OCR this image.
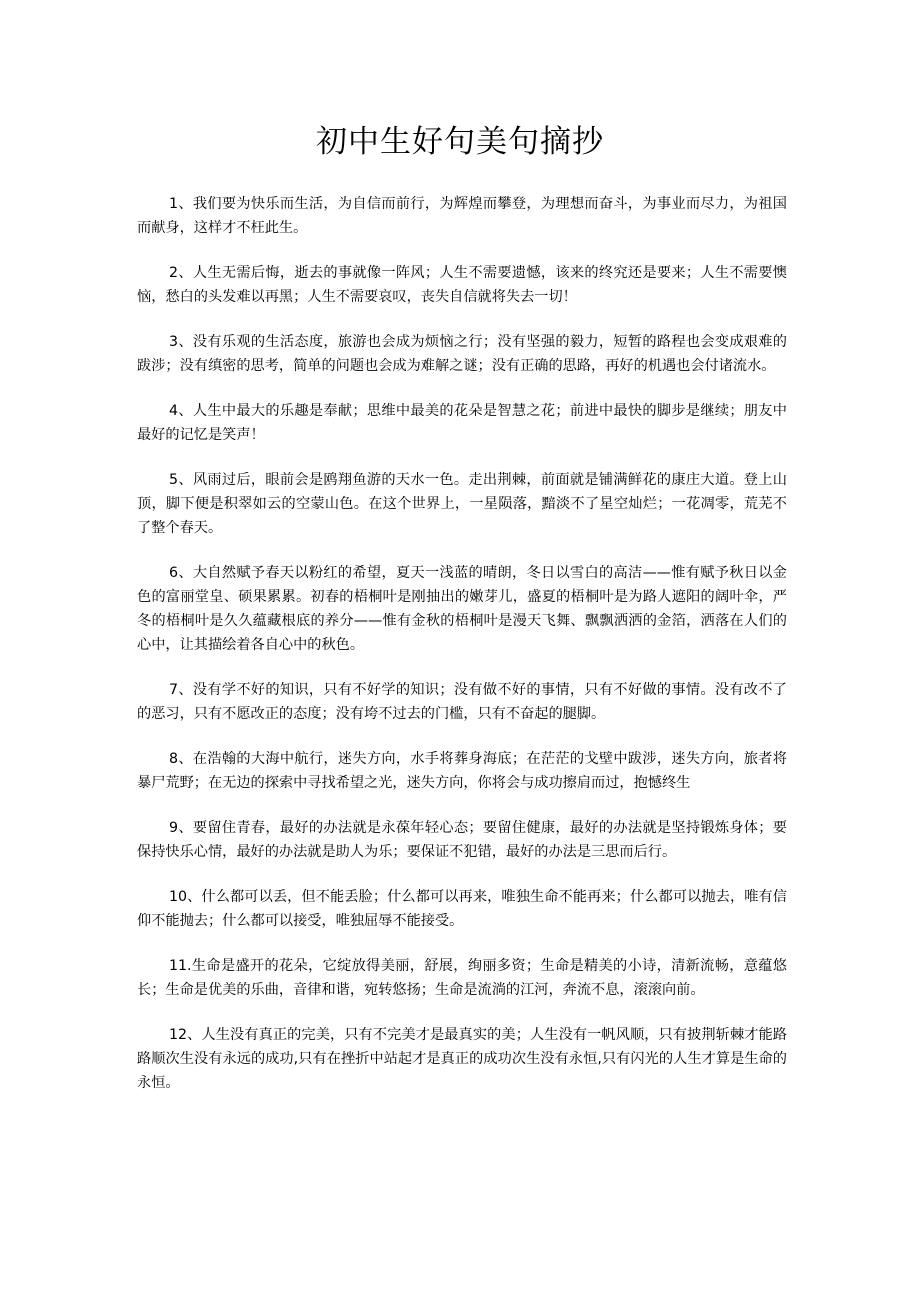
初中生好句美句摘抄

1、我们要为快乐而生活，为自信而前行，为辉煌而攀登，为理想而奋斗，为事业而尽力，为祖国而献身，这样才不枉此生。

2、人生无需后悔，逝去的事就像一阵风；人生不需要遗憾，该来的终究还是要来；人生不需要懊恼，愁白的头发难以再黑；人生不需要哀叹，丧失自信就将失去一切！

3、没有乐观的生活态度，旅游也会成为烦恼之行；没有坚强的毅力，短暂的路程也会变成艰难的跋涉；没有缜密的思考，简单的问题也会成为难解之谜；没有正确的思路，再好的机遇也会付诸流水。

4、人生中最大的乐趣是奉献；思维中最美的花朵是智慧之花；前进中最快的脚步是继续；朋友中最好的记忆是笑声！

5、风雨过后，眼前会是鸥翔鱼游的天水一色。走出荆棘，前面就是铺满鲜花的康庄大道。登上山顶，脚下便是积翠如云的空蒙山色。在这个世界上，一星陨落，黯淡不了星空灿烂；一花凋零，荒芜不了整个春天。

6、大自然赋予春天以粉红的希望，夏天一浅蓝的晴朗，冬日以雪白的高洁——惟有赋予秋日以金色的富丽堂皇、硕果累累。初春的梧桐叶是刚抽出的嫩芽儿，盛夏的梧桐叶是为路人遮阳的阔叶伞，严冬的梧桐叶是久久蕴藏根底的养分——惟有金秋的梧桐叶是漫天飞舞、飘飘洒洒的金箔，洒落在人们的心中，让其描绘着各自心中的秋色。

7、没有学不好的知识，只有不好学的知识；没有做不好的事情，只有不好做的事情。没有改不了的恶习，只有不愿改正的态度；没有垮不过去的门槛，只有不奋起的腿脚。

8、在浩翰的大海中航行，迷失方向，水手将葬身海底；在茫茫的戈壁中跋涉，迷失方向，旅者将暴尸荒野；在无边的探索中寻找希望之光，迷失方向，你将会与成功擦肩而过，抱憾终生

9、要留住青春，最好的办法就是永葆年轻心态；要留住健康，最好的办法就是坚持锻炼身体；要保持快乐心情，最好的办法就是助人为乐；要保证不犯错，最好的办法是三思而后行。

10、什么都可以丢，但不能丢脸；什么都可以再来，唯独生命不能再来；什么都可以抛去，唯有信仰不能抛去；什么都可以接受，唯独屈辱不能接受。

11.生命是盛开的花朵，它绽放得美丽，舒展，绚丽多资；生命是精美的小诗，清新流畅，意蕴悠长；生命是优美的乐曲，音律和谐，宛转悠扬；生命是流淌的江河，奔流不息，滚滚向前。

12、人生没有真正的完美，只有不完美才是最真实的美；人生没有一帆风顺，只有披荆斩棘才能路路顺次生没有永远的成功,只有在挫折中站起才是真正的成功次生没有永恒,只有闪光的人生才算是生命的永恒。
